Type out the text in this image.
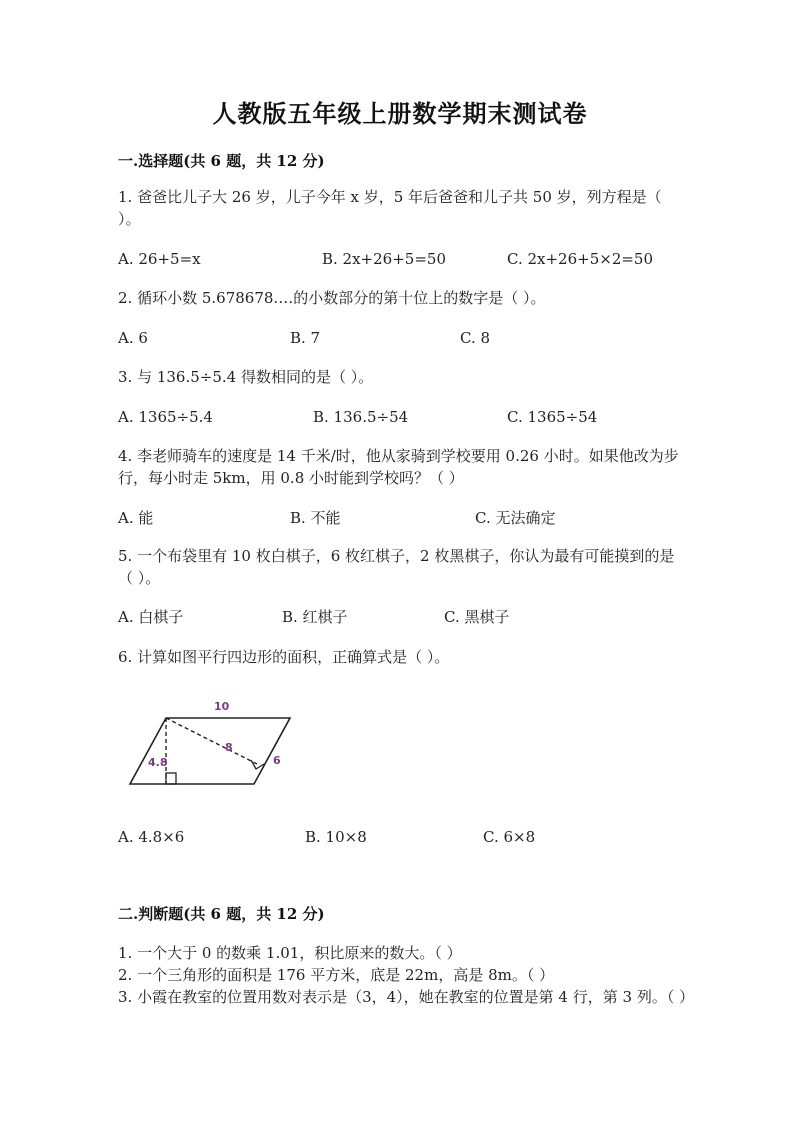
人教版五年级上册数学期末测试卷
一.选择题(共 6 题，共 12 分)
1. 爸爸比儿子大 26 岁，儿子今年 x 岁，5 年后爸爸和儿子共 50 岁，列方程是（ ）。
A. 26+5=x	B. 2x+26+5=50	C. 2x+26+5×2=50
2. 循环小数 5.678678.…的小数部分的第十位上的数字是（ ）。
A. 6	B. 7	C. 8
3. 与 136.5÷5.4 得数相同的是（ ）。
A. 1365÷5.4	B. 136.5÷54	C. 1365÷54
4. 李老师骑车的速度是 14 千米/时，他从家骑到学校要用 0.26 小时。如果他改为步行，每小时走 5km，用 0.8 小时能到学校吗？（ ）
A. 能	B. 不能	C. 无法确定
5. 一个布袋里有 10 枚白棋子，6 枚红棋子，2 枚黑棋子，你认为最有可能摸到的是（ ）。
A. 白棋子	B. 红棋子	C. 黑棋子
6. 计算如图平行四边形的面积，正确算式是（ ）。
10
8
4.8	6
A. 4.8×6	B. 10×8	C. 6×8
二.判断题(共 6 题，共 12 分)
1. 一个大于 0 的数乘 1.01，积比原来的数大。（ ）
2. 一个三角形的面积是 176 平方米，底是 22m，高是 8m。（ ）
3. 小霞在教室的位置用数对表示是（3，4），她在教室的位置是第 4 行，第 3 列。（ ）
